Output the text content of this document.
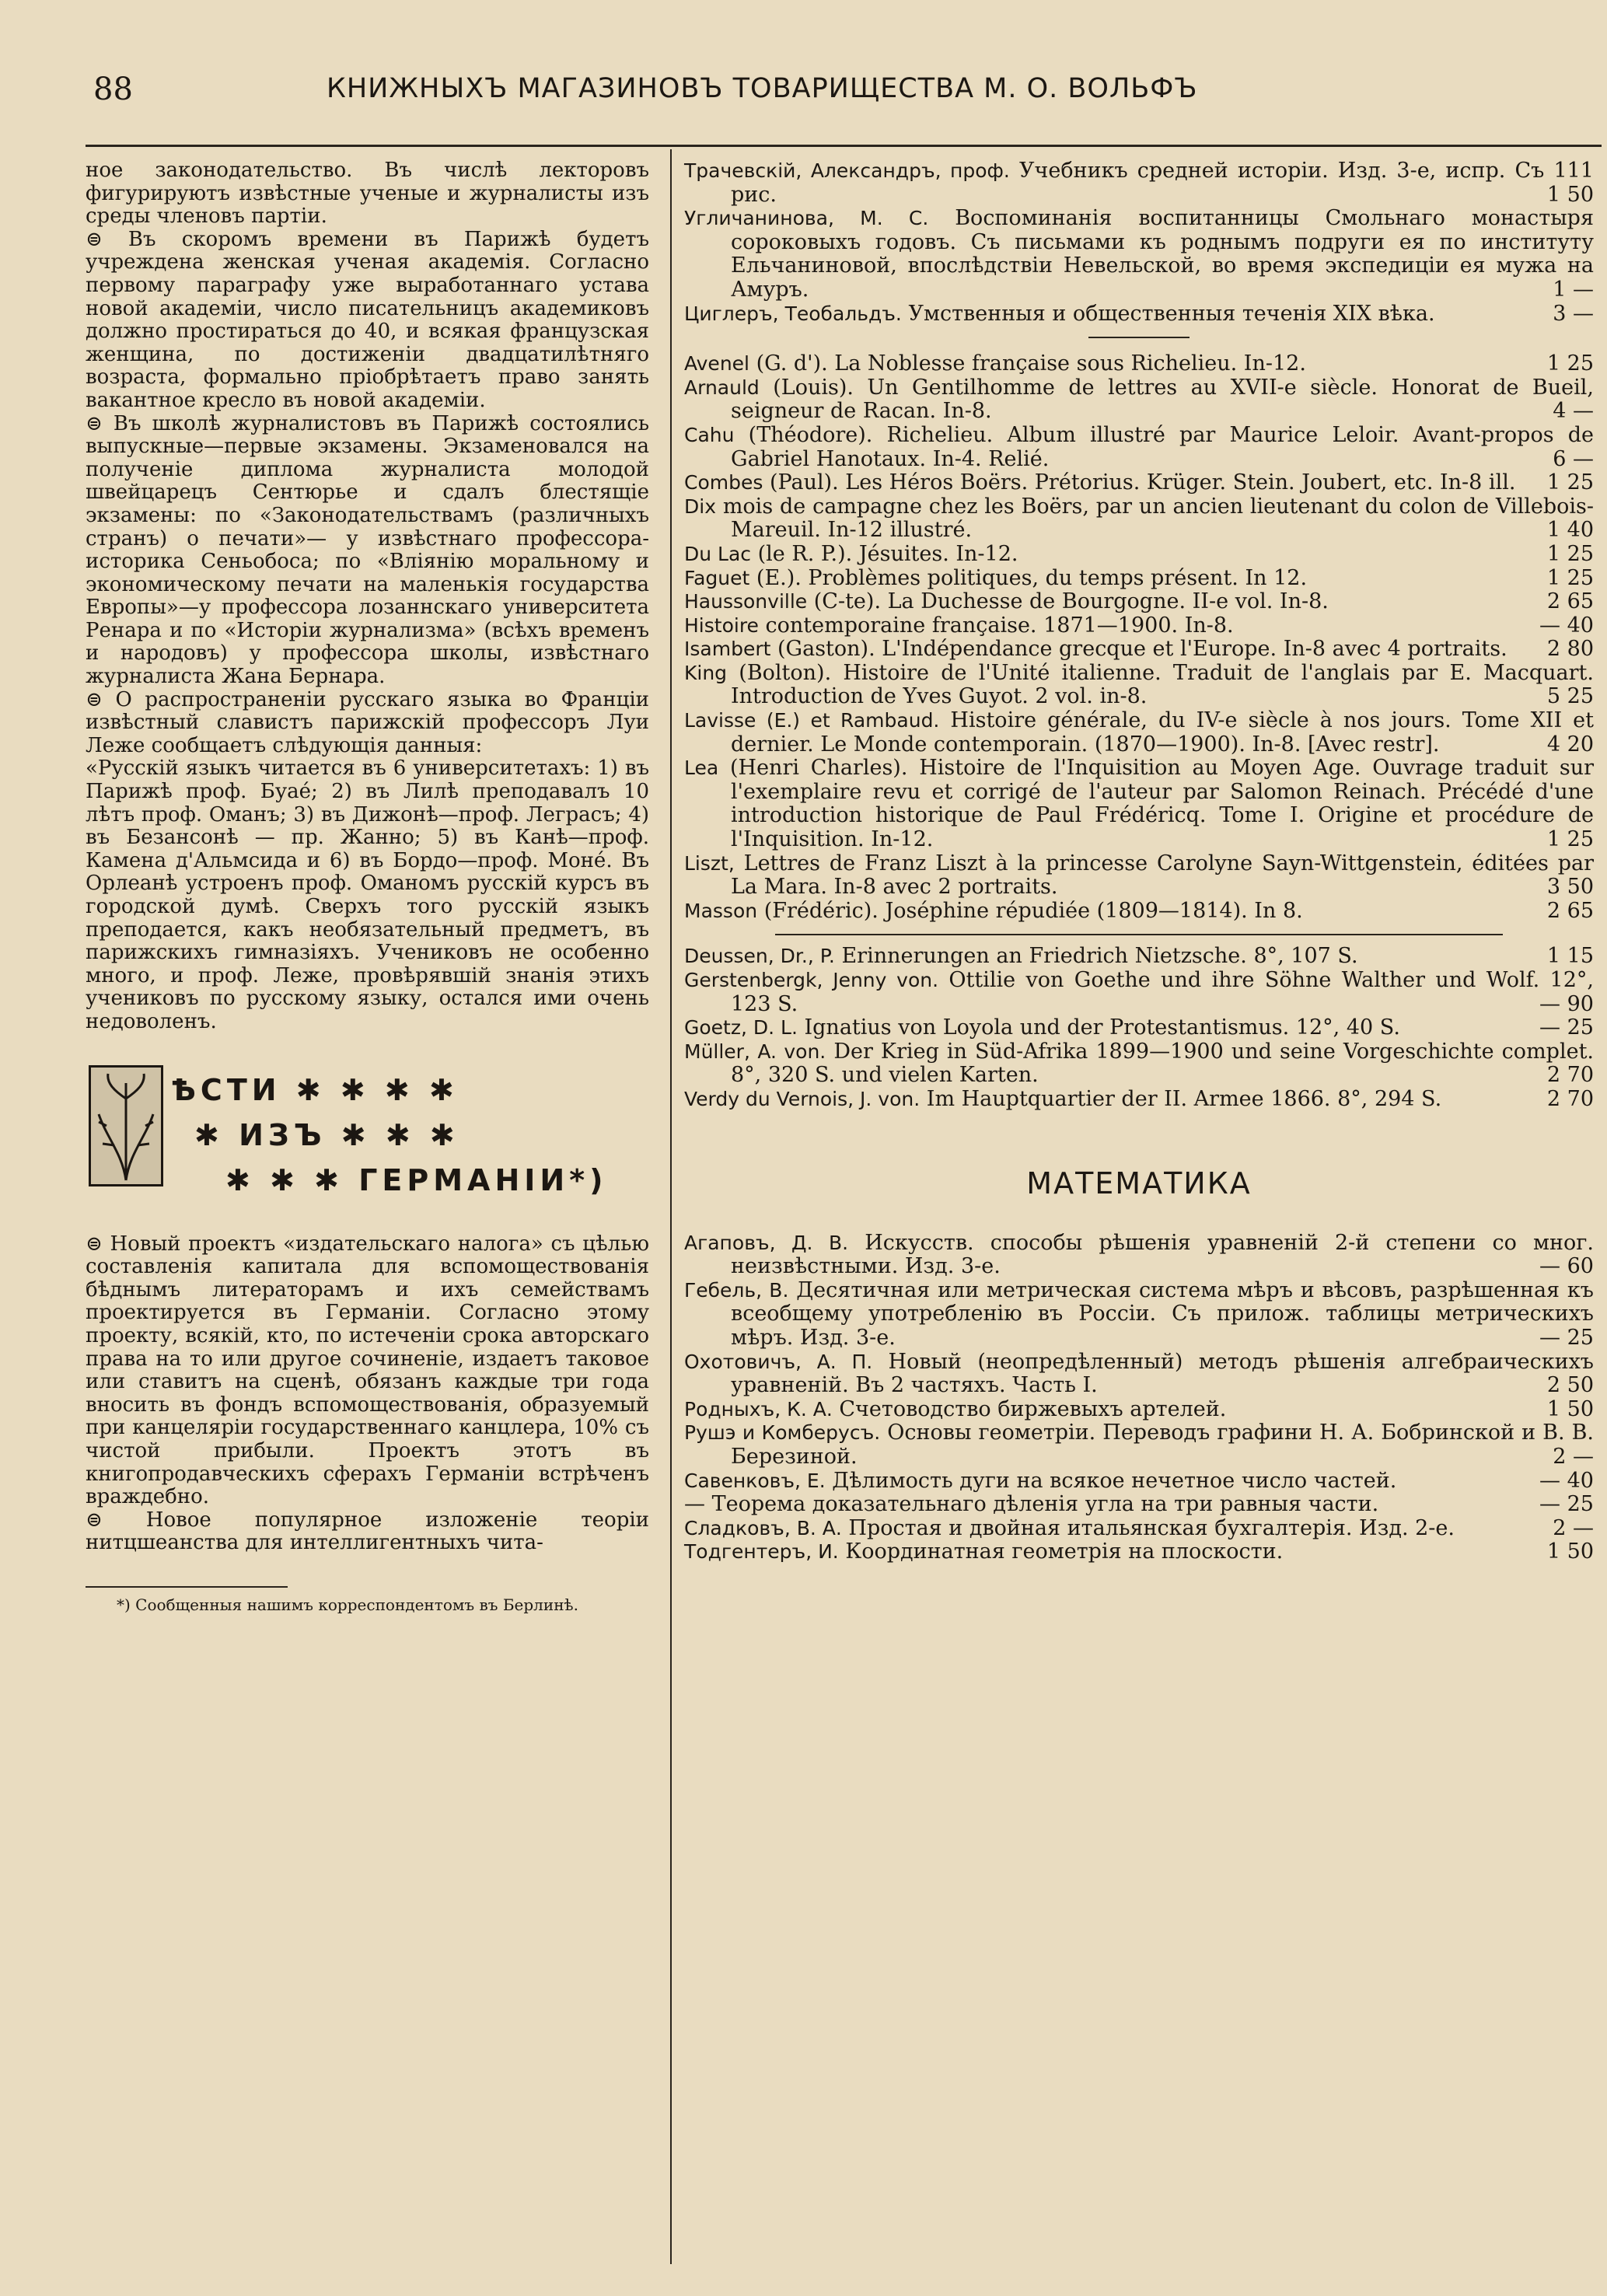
88	КНИЖНЫХЪ МАГАЗИНОВЪ ТОВАРИЩЕСТВА М. О. ВОЛЬФЪ

ное законодательство. Въ числѣ лекторовъ фигурируютъ извѣстные ученые и журналисты изъ среды членовъ партіи.

⊜ Въ скоромъ времени въ Парижѣ будетъ учреждена женская ученая академія. Согласно первому параграфу уже выработаннаго устава новой академіи, число писательницъ академиковъ должно простираться до 40, и всякая французская женщина, по достиженіи двадцатилѣтняго возраста, формально пріобрѣтаетъ право занять вакантное кресло въ новой академіи.

⊜ Въ школѣ журналистовъ въ Парижѣ состоялись выпускные—первые экзамены. Экзаменовался на полученіе диплома журналиста молодой швейцарецъ Сентюрье и сдалъ блестящіе экзамены: по «Законодательствамъ (различныхъ странъ) о печати»— у извѣстнаго профессора-историка Сеньобоса; по «Вліянію моральному и экономическому печати на маленькія государства Европы»—у профессора лозаннскаго университета Ренара и по «Исторіи журнализма» (всѣхъ временъ и народовъ) у профессора школы, извѣстнаго журналиста Жана Бернара.

⊜ О распространеніи русскаго языка во Франціи извѣстный славистъ парижскій профессоръ Луи Леже сообщаетъ слѣдующія данныя:

«Русскій языкъ читается въ 6 университетахъ: 1) въ Парижѣ проф. Буаé; 2) въ Лилѣ преподавалъ 10 лѣтъ проф. Оманъ; 3) въ Дижонѣ—проф. Леграсъ; 4) въ Безансонѣ — пр. Жанно; 5) въ Канѣ—проф. Камена д'Альмсида и 6) въ Бордо—проф. Монé. Въ Орлеанѣ устроенъ проф. Оманомъ русскій курсъ въ городской думѣ. Сверхъ того русскій языкъ преподается, какъ необязательный предметъ, въ парижскихъ гимназіяхъ. Учениковъ не особенно много, и проф. Леже, провѣрявшій знанія этихъ учениковъ по русскому языку, остался ими очень недоволенъ.

ѢСТИ ✱ ✱ ✱ ✱
✱ ИЗЪ ✱ ✱ ✱
✱ ✱ ✱ ГЕРМАНІИ*)

⊜ Новый проектъ «издательскаго налога» съ цѣлью составленія капитала для вспомоществованія бѣднымъ литераторамъ и ихъ семействамъ проектируется въ Германіи. Согласно этому проекту, всякій, кто, по истеченіи срока авторскаго права на то или другое сочиненіе, издаетъ таковое или ставитъ на сценѣ, обязанъ каждые три года вносить въ фондъ вспомоществованія, образуемый при канцеляріи государственнаго канцлера, 10% съ чистой прибыли. Проектъ этотъ въ книгопродавческихъ сферахъ Германіи встрѣченъ враждебно.

⊜ Новое популярное изложеніе теоріи нитцшеанства для интеллигентныхъ чита-

*) Сообщенныя нашимъ корреспондентомъ въ Берлинѣ.

Трачевскій, Александръ, проф. Учебникъ средней исторіи. Изд. 3-е, испр. Съ 111 рис.	1 50

Угличанинова, М. С. Воспоминанія воспитанницы Смольнаго монастыря сороковыхъ годовъ. Съ письмами къ роднымъ подруги ея по институту Ельчаниновой, впослѣдствіи Невельской, во время экспедиціи ея мужа на Амуръ.	1 —

Циглеръ, Теобальдъ. Умственныя и общественныя теченія XIX вѣка.	3 —

Avenel (G. d'). La Noblesse française sous Richelieu. In-12.	1 25

Arnauld (Louis). Un Gentilhomme de lettres au XVII-e siècle. Honorat de Bueil, seigneur de Racan. In-8.	4 —

Cahu (Théodore). Richelieu. Album illustré par Maurice Leloir. Avant-propos de Gabriel Hanotaux. In-4. Relié.	6 —

Combes (Paul). Les Héros Boërs. Prétorius. Krüger. Stein. Joubert, etc. In-8 ill. 1 25

Dix mois de campagne chez les Boërs, par un ancien lieutenant du colon de Villebois-Mareuil. In-12 illustré.	1 40

Du Lac (le R. P.). Jésuites. In-12.	1 25

Faguet (E.). Problèmes politiques, du temps présent. In 12.	1 25

Haussonville (C-te). La Duchesse de Bourgogne. II-e vol. In-8.	2 65

Histoire contemporaine française. 1871—1900. In-8.	— 40

Isambert (Gaston). L'Indépendance grecque et l'Europe. In-8 avec 4 portraits. 2 80

King (Bolton). Histoire de l'Unité italienne. Traduit de l'anglais par E. Macquart. Introduction de Yves Guyot. 2 vol. in-8.	5 25

Lavisse (E.) et Rambaud. Histoire générale, du IV-e siècle à nos jours. Tome XII et dernier. Le Monde contemporain. (1870—1900). In-8. [Avec restr].	4 20

Lea (Henri Charles). Histoire de l'Inquisition au Moyen Age. Ouvrage traduit sur l'exemplaire revu et corrigé de l'auteur par Salomon Reinach. Précédé d'une introduction historique de Paul Frédéricq. Tome I. Origine et procédure de l'Inquisition. In-12.	1 25

Liszt, Lettres de Franz Liszt à la princesse Carolyne Sayn-Wittgenstein, éditées par La Mara. In-8 avec 2 portraits.	3 50

Masson (Frédéric). Joséphine répudiée (1809—1814). In 8.	2 65

Deussen, Dr., P. Erinnerungen an Friedrich Nietzsche. 8°, 107 S.	1 15

Gerstenbergk, Jenny von. Ottilie von Goethe und ihre Söhne Walther und Wolf. 12°, 123 S.	— 90

Goetz, D. L. Ignatius von Loyola und der Protestantismus. 12°, 40 S.	— 25

Müller, A. von. Der Krieg in Süd-Afrika 1899—1900 und seine Vorgeschichte complet. 8°, 320 S. und vielen Karten.	2 70

Verdy du Vernois, J. von. Im Hauptquartier der II. Armee 1866. 8°, 294 S.	2 70

МАТЕМАТИКА

Агаповъ, Д. В. Искусств. способы рѣшенія уравненій 2-й степени со мног. неизвѣстными. Изд. 3-е.	— 60

Гебель, В. Десятичная или метрическая система мѣръ и вѣсовъ, разрѣшенная къ всеобщему употребленію въ Россіи. Съ прилож. таблицы метрическихъ мѣръ. Изд. 3-е.	— 25

Охотовичъ, А. П. Новый (неопредѣленный) методъ рѣшенія алгебраическихъ уравненій. Въ 2 частяхъ. Часть I.	2 50

Родныхъ, К. А. Счетоводство биржевыхъ артелей.	1 50

Рушэ и Комберусъ. Основы геометріи. Переводъ графини Н. А. Бобринской и В. В. Березиной.	2 —

Савенковъ, Е. Дѣлимость дуги на всякое нечетное число частей.	— 40

— Теорема доказательнаго дѣленія угла на три равныя части.	— 25

Сладковъ, В. А. Простая и двойная итальянская бухгалтерія. Изд. 2-е.	2 —

Тодгентеръ, И. Координатная геометрія на плоскости.	1 50
